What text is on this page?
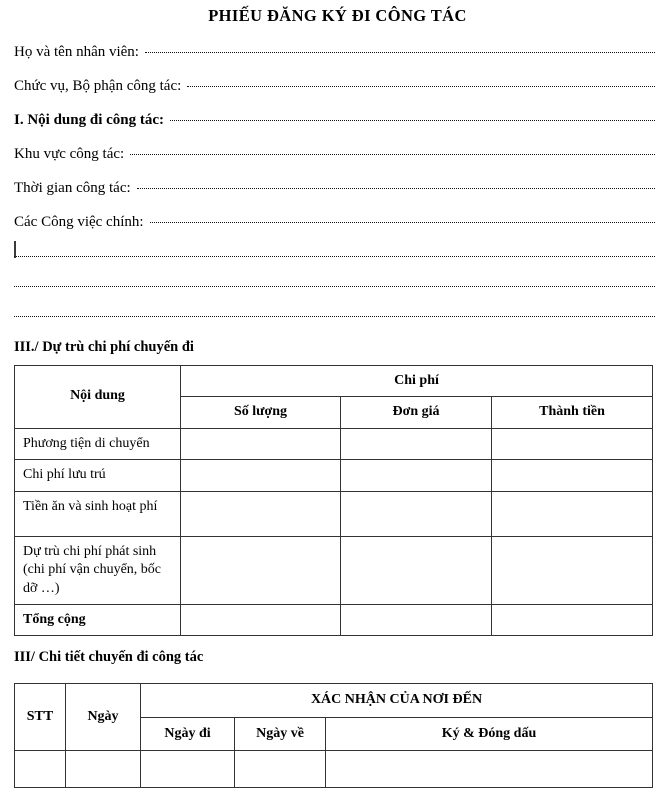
PHIẾU ĐĂNG KÝ ĐI CÔNG TÁC
Họ và tên nhân viên:
Chức vụ, Bộ phận công tác:
I. Nội dung đi công tác:
Khu vực công tác:
Thời gian công tác:
Các Công việc chính:
III./ Dự trù chi phí chuyến đi
Nội dung	Chi phí		
	Số lượng	Đơn giá	Thành tiền
Phương tiện di chuyển			
Chi phí lưu trú			
Tiền ăn và sinh hoạt phí			
Dự trù chi phí phát sinh (chi phí vận chuyển, bốc dỡ …)			
Tổng cộng			
III/ Chi tiết chuyến đi công tác
STT	Ngày	XÁC NHẬN CỦA NƠI ĐẾN		
		Ngày đi	Ngày về	Ký & Đóng dấu
